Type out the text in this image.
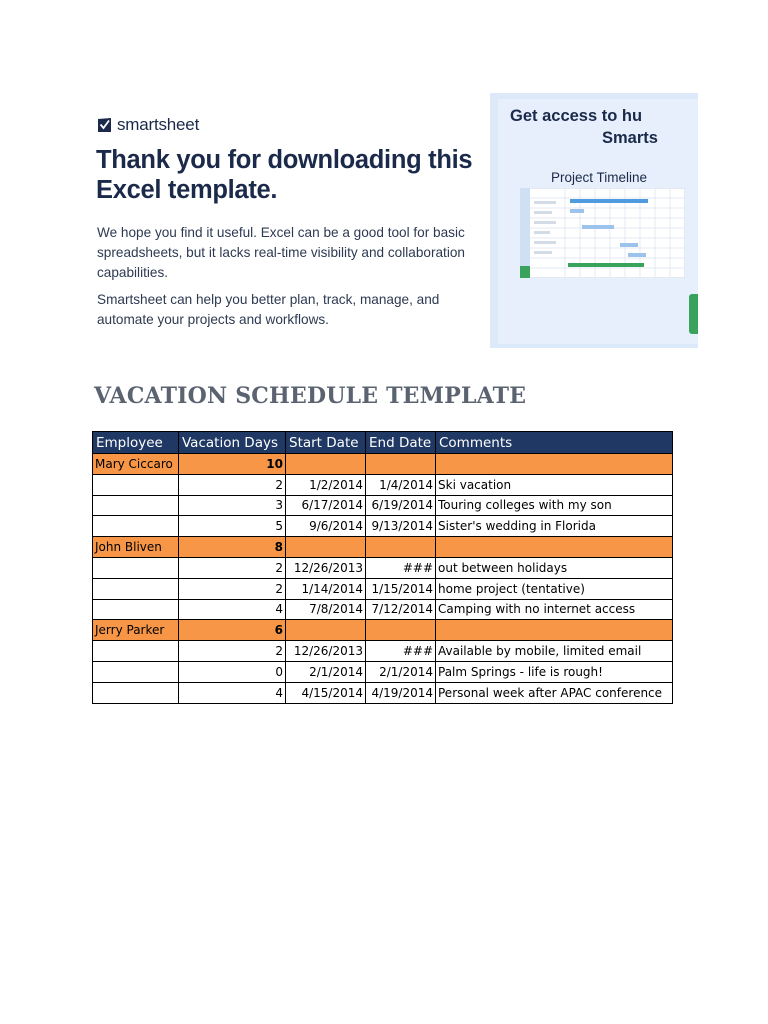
smartsheet
Thank you for downloading this Excel template.

We hope you find it useful. Excel can be a good tool for basic spreadsheets, but it lacks real-time visibility and collaboration capabilities.

Smartsheet can help you better plan, track, manage, and automate your projects and workflows.

Get access to hu
Smarts
Project Timeline
VACATION SCHEDULE TEMPLATE
Employee	Vacation Days	Start Date	End Date	Comments
Mary Ciccaro	10			
	2	1/2/2014	1/4/2014	Ski vacation
	3	6/17/2014	6/19/2014	Touring colleges with my son
	5	9/6/2014	9/13/2014	Sister's wedding in Florida
John Bliven	8			
	2	12/26/2013	###	out between holidays
	2	1/14/2014	1/15/2014	home project (tentative)
	4	7/8/2014	7/12/2014	Camping with no internet access
Jerry Parker	6			
	2	12/26/2013	###	Available by mobile, limited email
	0	2/1/2014	2/1/2014	Palm Springs - life is rough!
	4	4/15/2014	4/19/2014	Personal week after APAC conference
